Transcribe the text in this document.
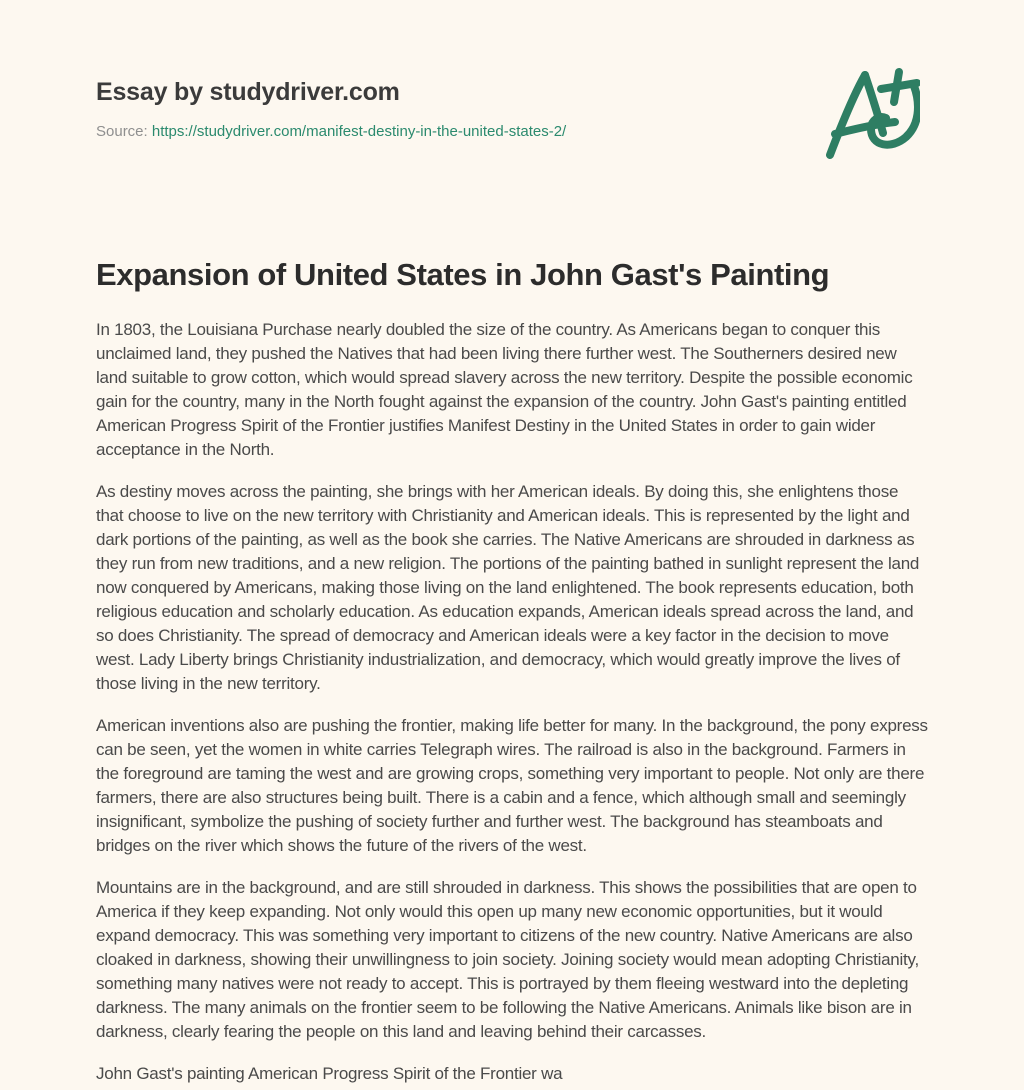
Essay by studydriver.com

Source: https://studydriver.com/manifest-destiny-in-the-united-states-2/

Expansion of United States in John Gast's Painting

In 1803, the Louisiana Purchase nearly doubled the size of the country. As Americans began to conquer this unclaimed land, they pushed the Natives that had been living there further west. The Southerners desired new land suitable to grow cotton, which would spread slavery across the new territory. Despite the possible economic gain for the country, many in the North fought against the expansion of the country. John Gast's painting entitled American Progress Spirit of the Frontier justifies Manifest Destiny in the United States in order to gain wider acceptance in the North.

As destiny moves across the painting, she brings with her American ideals. By doing this, she enlightens those that choose to live on the new territory with Christianity and American ideals. This is represented by the light and dark portions of the painting, as well as the book she carries. The Native Americans are shrouded in darkness as they run from new traditions, and a new religion. The portions of the painting bathed in sunlight represent the land now conquered by Americans, making those living on the land enlightened. The book represents education, both religious education and scholarly education. As education expands, American ideals spread across the land, and so does Christianity. The spread of democracy and American ideals were a key factor in the decision to move west. Lady Liberty brings Christianity industrialization, and democracy, which would greatly improve the lives of those living in the new territory.

American inventions also are pushing the frontier, making life better for many. In the background, the pony express can be seen, yet the women in white carries Telegraph wires. The railroad is also in the background. Farmers in the foreground are taming the west and are growing crops, something very important to people. Not only are there farmers, there are also structures being built. There is a cabin and a fence, which although small and seemingly insignificant, symbolize the pushing of society further and further west. The background has steamboats and bridges on the river which shows the future of the rivers of the west.

Mountains are in the background, and are still shrouded in darkness. This shows the possibilities that are open to America if they keep expanding. Not only would this open up many new economic opportunities, but it would expand democracy. This was something very important to citizens of the new country. Native Americans are also cloaked in darkness, showing their unwillingness to join society. Joining society would mean adopting Christianity, something many natives were not ready to accept. This is portrayed by them fleeing westward into the depleting darkness. The many animals on the frontier seem to be following the Native Americans. Animals like bison are in darkness, clearly fearing the people on this land and leaving behind their carcasses.

John Gast's painting American Progress Spirit of the Frontier wa
